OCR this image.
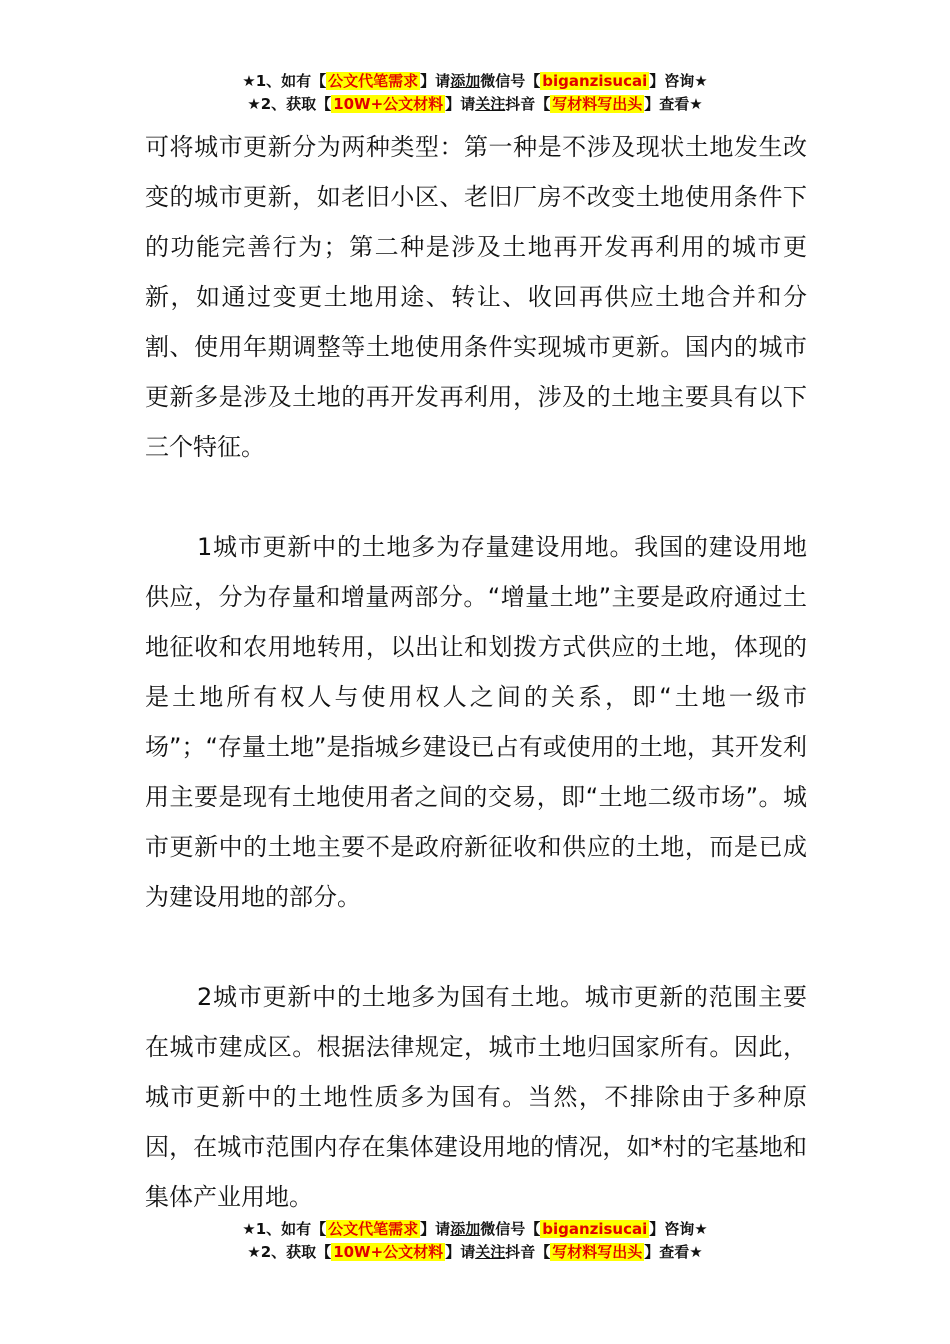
★1、如有【 公文代笔需求 】请添加微信号【 biganzisucai 】咨询★
★2、获取【 10W+公文材料 】请关注抖音【 写材料写出头 】查看★

可将城市更新分为两种类型：第一种是不涉及现状土地发生改变的城市更新，如老旧小区、老旧厂房不改变土地使用条件下的功能完善行为；第二种是涉及土地再开发再利用的城市更新，如通过变更土地用途、转让、收回再供应土地合并和分割、使用年期调整等土地使用条件实现城市更新。国内的城市更新多是涉及土地的再开发再利用，涉及的土地主要具有以下三个特征。

1城市更新中的土地多为存量建设用地。我国的建设用地供应，分为存量和增量两部分。“增量土地”主要是政府通过土地征收和农用地转用，以出让和划拨方式供应的土地，体现的是土地所有权人与使用权人之间的关系，即“土地一级市场”；“存量土地”是指城乡建设已占有或使用的土地，其开发利用主要是现有土地使用者之间的交易，即“土地二级市场”。城市更新中的土地主要不是政府新征收和供应的土地，而是已成为建设用地的部分。

2城市更新中的土地多为国有土地。城市更新的范围主要在城市建成区。根据法律规定，城市土地归国家所有。因此，城市更新中的土地性质多为国有。当然，不排除由于多种原因，在城市范围内存在集体建设用地的情况，如*村的宅基地和集体产业用地。

★1、如有【 公文代笔需求 】请添加微信号【 biganzisucai 】咨询★
★2、获取【 10W+公文材料 】请关注抖音【 写材料写出头 】查看★
